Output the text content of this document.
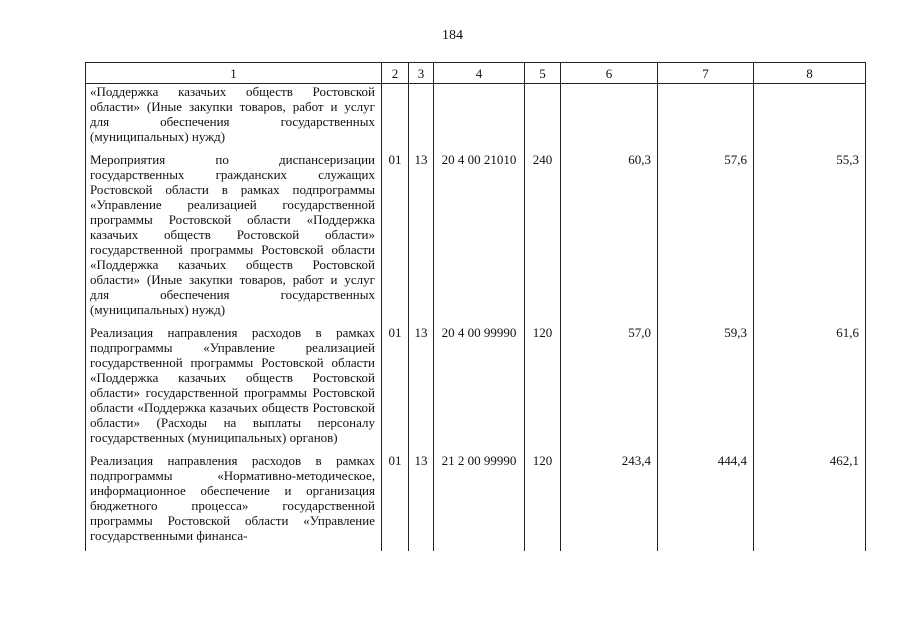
184
1	2	3	4	5	6	7	8
«Поддержка казачьих обществ Ростовской области» (Иные закупки товаров, работ и услуг для обеспечения государственных (муниципальных) нужд)							
Мероприятия по диспансеризации государственных гражданских служащих Ростовской области в рамках подпрограммы «Управление реализацией государственной программы Ростовской области «Поддержка казачьих обществ Ростовской области» государственной программы Ростовской области «Поддержка казачьих обществ Ростовской области» (Иные закупки товаров, работ и услуг для обеспечения государственных (муниципальных) нужд)	01	13	20 4 00 21010	240	60,3	57,6	55,3
Реализация направления расходов в рамках подпрограммы «Управление реализацией государственной программы Ростовской области «Поддержка казачьих обществ Ростовской области» государственной программы Ростовской области «Поддержка казачьих обществ Ростовской области» (Расходы на выплаты персоналу государственных (муниципальных) органов)	01	13	20 4 00 99990	120	57,0	59,3	61,6
Реализация направления расходов в рамках подпрограммы «Нормативно-методическое, информационное обеспечение и организация бюджетного процесса» государственной программы Ростовской области «Управление государственными финанса-	01	13	21 2 00 99990	120	243,4	444,4	462,1
